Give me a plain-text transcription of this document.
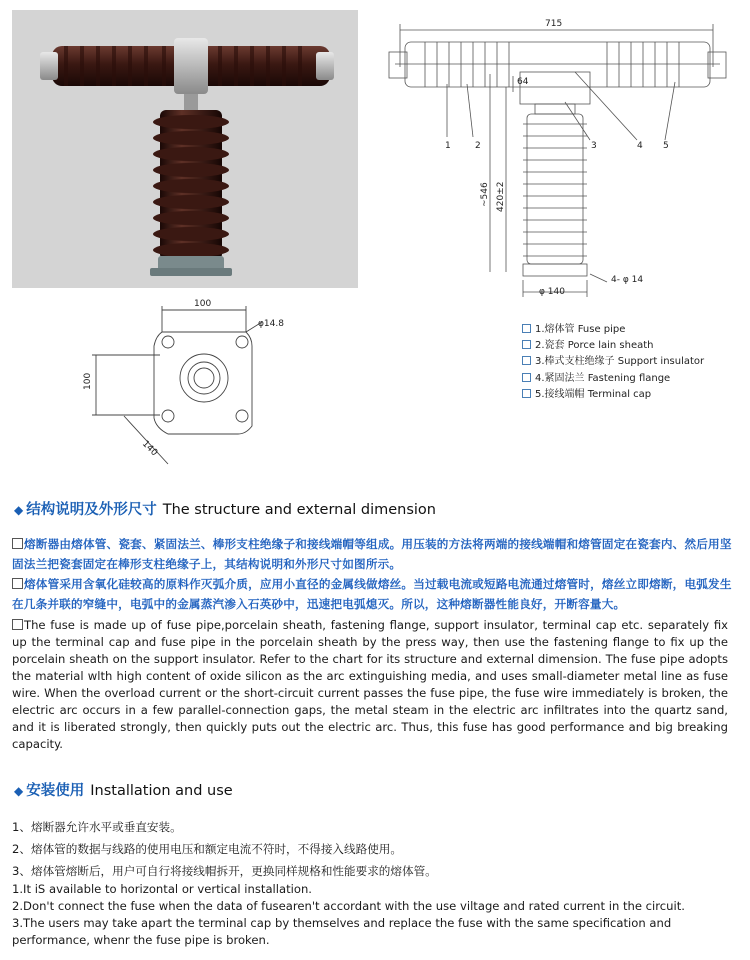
715
64
~546 420±2
φ 140
4- φ 14
1	2	3	4 5
100
100
140
φ14.8	1.熔体管 Fuse pipe
2.瓷套 Porce lain sheath
3.棒式支柱绝缘子 Support insulator
4.紧固法兰 Fastening flange
5.接线端帽 Terminal cap
◆ 结构说明及外形尺寸 The structure and external dimension
熔断器由熔体管、瓷套、紧固法兰、棒形支柱绝缘子和接线端帽等组成。用压装的方法将两端的接线端帽和熔管固定在瓷套内、然后用坚固法兰把瓷套固定在棒形支柱绝缘子上，其结构说明和外形尺寸如图所示。
熔体管采用含氧化硅较高的原料作灭弧介质，应用小直径的金属线做熔丝。当过载电流或短路电流通过熔管时，熔丝立即熔断，电弧发生在几条并联的窄缝中，电弧中的金属蒸汽渗入石英砂中，迅速把电弧熄灭。所以，这种熔断器性能良好，开断容量大。
The fuse is made up of fuse pipe,porcelain sheath, fastening flange, support insulator, terminal cap etc. separately fix up the terminal cap and fuse pipe in the porcelain sheath by the press way, then use the fastening flange to fix up the porcelain sheath on the support insulator. Refer to the chart for its structure and external dimension. The fuse pipe adopts the material wlth high content of oxide silicon as the arc extinguishing media, and uses small-diameter metal line as fuse wire. When the overload current or the short-circuit current passes the fuse pipe, the fuse wire immediately is broken, the electric arc occurs in a few parallel-connection gaps, the metal steam in the electric arc infiltrates into the quartz sand, and it is liberated strongly, then quickly puts out the electric arc. Thus, this fuse has good performance and big breaking capacity.
◆ 安装使用 Installation and use
1、熔断器允许水平或垂直安装。
2、熔体管的数据与线路的使用电压和额定电流不符时，不得接入线路使用。
3、熔体管熔断后，用户可自行将接线帽拆开，更换同样规格和性能要求的熔体管。
1.It iS available to horizontal or vertical installation.
2.Don't connect the fuse when the data of fusearen't accordant with the use viltage and rated current in the circuit.
3.The users may take apart the terminal cap by themselves and replace the fuse with the same specification and performance, whenr the fuse pipe is broken.
